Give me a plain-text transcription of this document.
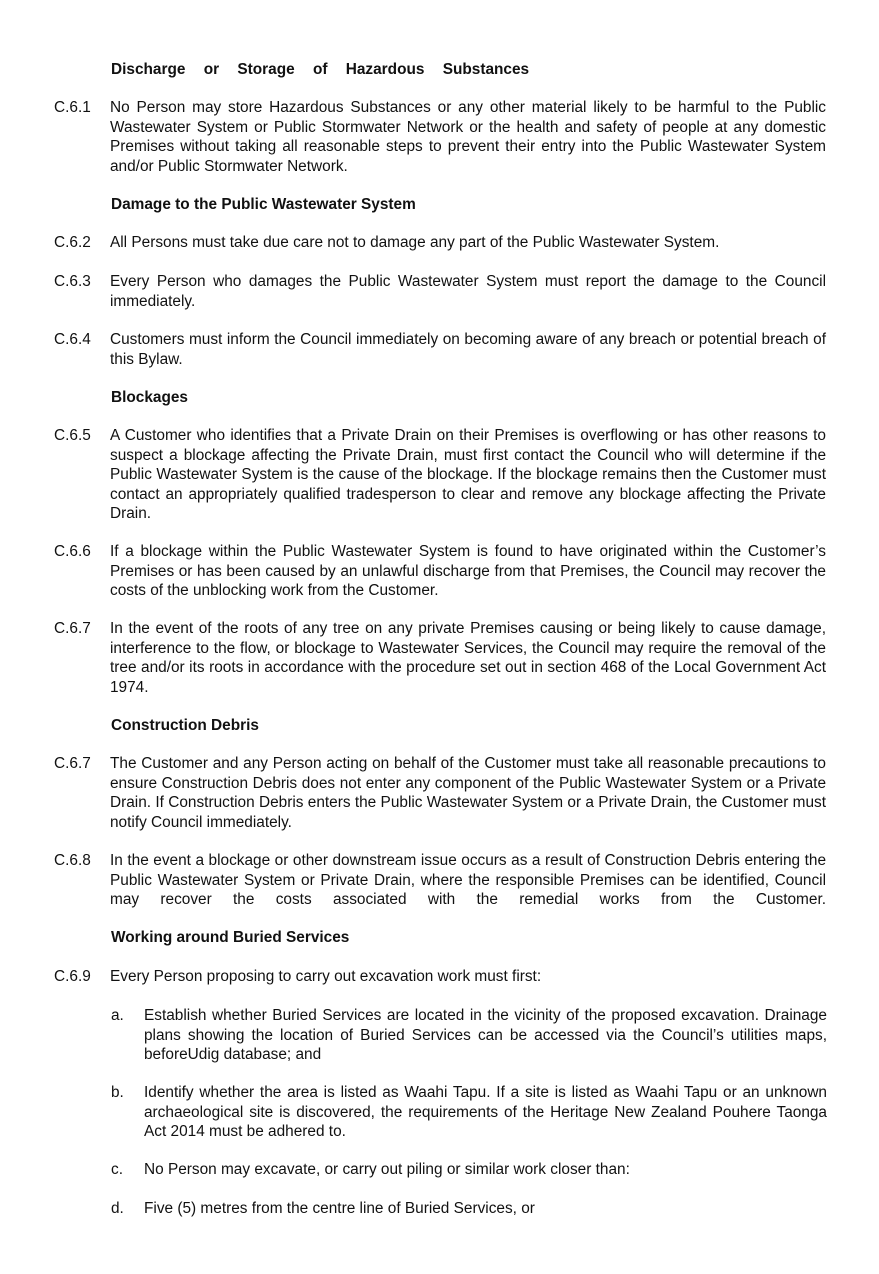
Discharge or Storage of Hazardous Substances
C.6.1 No Person may store Hazardous Substances or any other material likely to be harmful to the Public Wastewater System or Public Stormwater Network or the health and safety of people at any domestic Premises without taking all reasonable steps to prevent their entry into the Public Wastewater System and/or Public Stormwater Network.
Damage to the Public Wastewater System
C.6.2 All Persons must take due care not to damage any part of the Public Wastewater System.
C.6.3 Every Person who damages the Public Wastewater System must report the damage to the Council immediately.
C.6.4 Customers must inform the Council immediately on becoming aware of any breach or potential breach of this Bylaw.
Blockages
C.6.5 A Customer who identifies that a Private Drain on their Premises is overflowing or has other reasons to suspect a blockage affecting the Private Drain, must first contact the Council who will determine if the Public Wastewater System is the cause of the blockage. If the blockage remains then the Customer must contact an appropriately qualified tradesperson to clear and remove any blockage affecting the Private Drain.
C.6.6 If a blockage within the Public Wastewater System is found to have originated within the Customer’s Premises or has been caused by an unlawful discharge from that Premises, the Council may recover the costs of the unblocking work from the Customer.
C.6.7 In the event of the roots of any tree on any private Premises causing or being likely to cause damage, interference to the flow, or blockage to Wastewater Services, the Council may require the removal of the tree and/or its roots in accordance with the procedure set out in section 468 of the Local Government Act 1974.
Construction Debris
C.6.7 The Customer and any Person acting on behalf of the Customer must take all reasonable precautions to ensure Construction Debris does not enter any component of the Public Wastewater System or a Private Drain. If Construction Debris enters the Public Wastewater System or a Private Drain, the Customer must notify Council immediately.
C.6.8 In the event a blockage or other downstream issue occurs as a result of Construction Debris entering the Public Wastewater System or Private Drain, where the responsible Premises can be identified, Council may recover the costs associated with the remedial works from the Customer.
Working around Buried Services
C.6.9 Every Person proposing to carry out excavation work must first:
a. Establish whether Buried Services are located in the vicinity of the proposed excavation. Drainage plans showing the location of Buried Services can be accessed via the Council’s utilities maps, beforeUdig database; and
b. Identify whether the area is listed as Waahi Tapu. If a site is listed as Waahi Tapu or an unknown archaeological site is discovered, the requirements of the Heritage New Zealand Pouhere Taonga Act 2014 must be adhered to.
c. No Person may excavate, or carry out piling or similar work closer than:
d. Five (5) metres from the centre line of Buried Services, or
